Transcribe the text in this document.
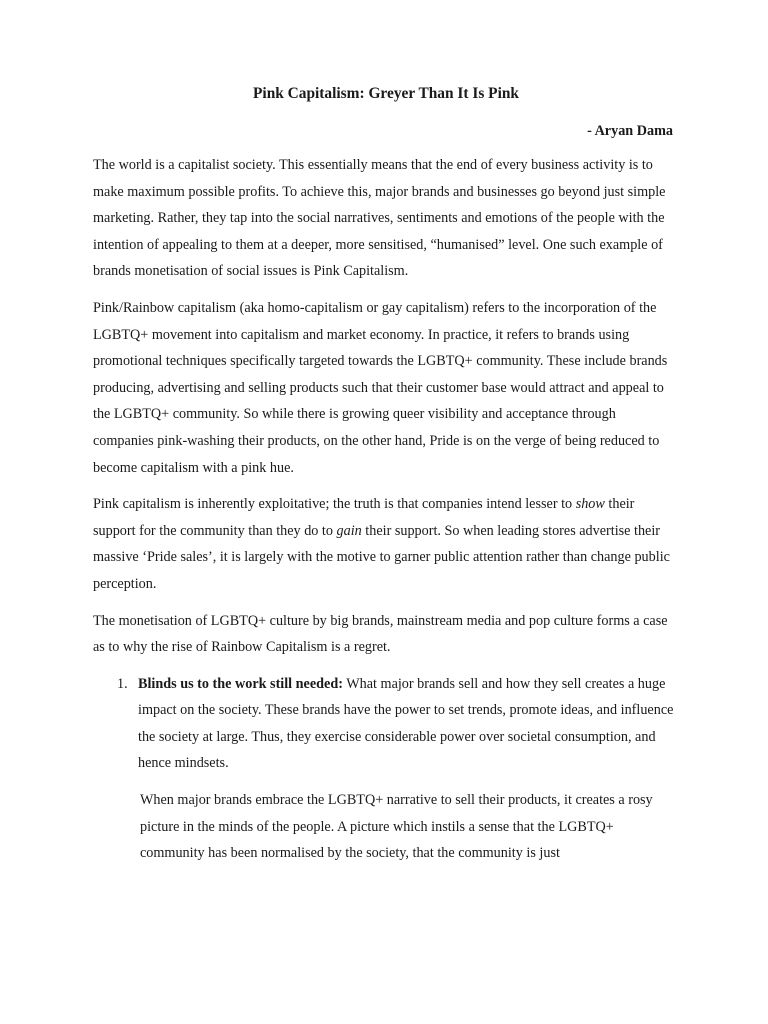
Pink Capitalism: Greyer Than It Is Pink
- Aryan Dama

The world is a capitalist society. This essentially means that the end of every business activity is to make maximum possible profits. To achieve this, major brands and businesses go beyond just simple marketing. Rather, they tap into the social narratives, sentiments and emotions of the people with the intention of appealing to them at a deeper, more sensitised, “humanised” level. One such example of brands monetisation of social issues is Pink Capitalism.

Pink/Rainbow capitalism (aka homo-capitalism or gay capitalism) refers to the incorporation of the LGBTQ+ movement into capitalism and market economy. In practice, it refers to brands using promotional techniques specifically targeted towards the LGBTQ+ community. These include brands producing, advertising and selling products such that their customer base would attract and appeal to the LGBTQ+ community. So while there is growing queer visibility and acceptance through companies pink-washing their products, on the other hand, Pride is on the verge of being reduced to become capitalism with a pink hue.

Pink capitalism is inherently exploitative; the truth is that companies intend lesser to show their support for the community than they do to gain their support. So when leading stores advertise their massive ‘Pride sales’, it is largely with the motive to garner public attention rather than change public perception.

The monetisation of LGBTQ+ culture by big brands, mainstream media and pop culture forms a case as to why the rise of Rainbow Capitalism is a regret.

1. Blinds us to the work still needed: What major brands sell and how they sell creates a huge impact on the society. These brands have the power to set trends, promote ideas, and influence the society at large. Thus, they exercise considerable power over societal consumption, and hence mindsets.

When major brands embrace the LGBTQ+ narrative to sell their products, it creates a rosy picture in the minds of the people. A picture which instils a sense that the LGBTQ+ community has been normalised by the society, that the community is just
